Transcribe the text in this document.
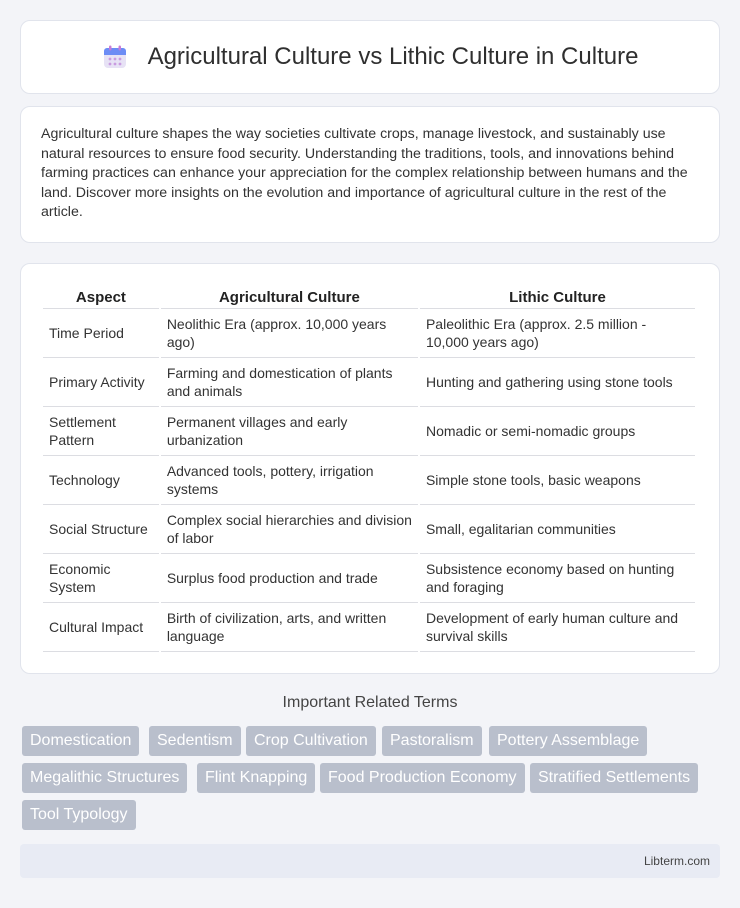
Agricultural Culture vs Lithic Culture in Culture

Agricultural culture shapes the way societies cultivate crops, manage livestock, and sustainably use natural resources to ensure food security. Understanding the traditions, tools, and innovations behind farming practices can enhance your appreciation for the complex relationship between humans and the land. Discover more insights on the evolution and importance of agricultural culture in the rest of the article.

Aspect	Agricultural Culture	Lithic Culture
Time Period	Neolithic Era (approx. 10,000 years ago)	Paleolithic Era (approx. 2.5 million - 10,000 years ago)
Primary Activity	Farming and domestication of plants and animals	Hunting and gathering using stone tools
Settlement Pattern	Permanent villages and early urbanization	Nomadic or semi-nomadic groups
Technology	Advanced tools, pottery, irrigation systems	Simple stone tools, basic weapons
Social Structure	Complex social hierarchies and division of labor	Small, egalitarian communities
Economic System	Surplus food production and trade	Subsistence economy based on hunting and foraging
Cultural Impact	Birth of civilization, arts, and written language	Development of early human culture and survival skills
Important Related Terms
Domestication	Sedentism	Crop Cultivation	Pastoralism	Pottery Assemblage
Megalithic Structures	Flint Knapping	Food Production Economy	Stratified Settlements
Tool Typology
Libterm.com
